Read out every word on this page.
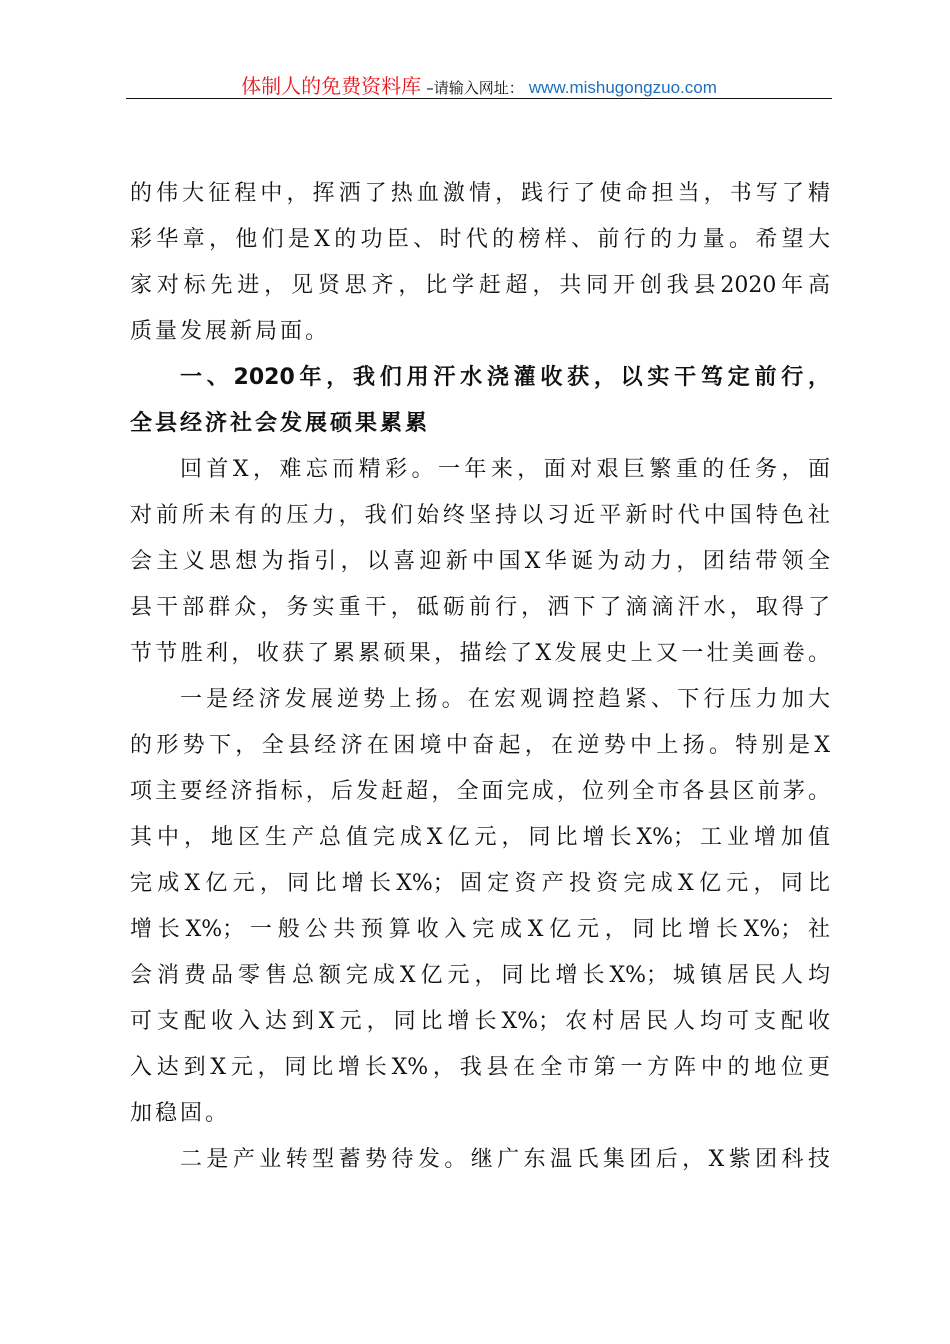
体制人的免费资料库 –请输入网址： www.mishugongzuo.com
的伟大征程中，挥洒了热血激情，践行了使命担当，书写了精
彩华章，他们是X的功臣、时代的榜样、前行的力量。希望大
家对标先进，见贤思齐，比学赶超，共同开创我县2020年高
质量发展新局面。
一、2020年，我们用汗水浇灌收获，以实干笃定前行，
全县经济社会发展硕果累累
回首X，难忘而精彩。一年来，面对艰巨繁重的任务，面
对前所未有的压力，我们始终坚持以习近平新时代中国特色社
会主义思想为指引，以喜迎新中国X华诞为动力，团结带领全
县干部群众，务实重干，砥砺前行，洒下了滴滴汗水，取得了
节节胜利，收获了累累硕果，描绘了X发展史上又一壮美画卷。
一是经济发展逆势上扬。在宏观调控趋紧、下行压力加大
的形势下，全县经济在困境中奋起，在逆势中上扬。特别是X
项主要经济指标，后发赶超，全面完成，位列全市各县区前茅。
其中，地区生产总值完成X亿元，同比增长X%；工业增加值
完成X亿元，同比增长X%；固定资产投资完成X亿元，同比
增长X%；一般公共预算收入完成X亿元，同比增长X%；社
会消费品零售总额完成X亿元，同比增长X%；城镇居民人均
可支配收入达到X元，同比增长X%；农村居民人均可支配收
入达到X元，同比增长X%，我县在全市第一方阵中的地位更
加稳固。
二是产业转型蓄势待发。继广东温氏集团后，X紫团科技
